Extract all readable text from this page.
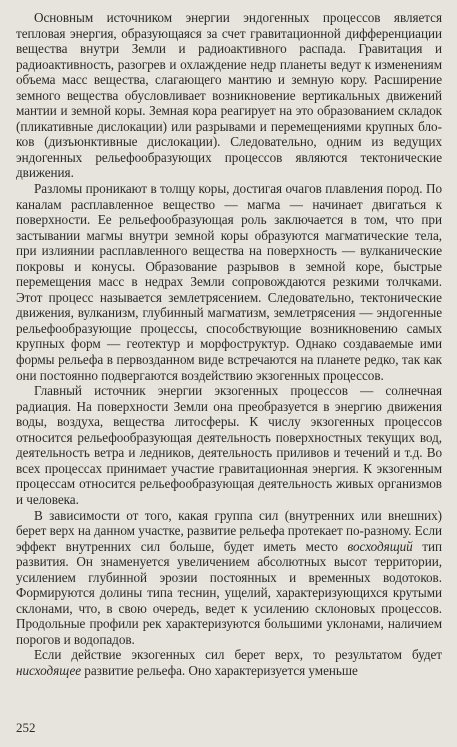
Основным источником энергии эндогенных процессов является тепловая энергия, образующаяся за счет гравитационной дифференциации вещества внутри Земли и радиоактивного распада. Гравитация и радиоактивность, разогрев и охлаждение недр планеты ведут к изменениям объема масс вещества, слагающего мантию и земную кору. Расширение земного вещества обусловливает возникновение вертикальных движений мантии и земной коры. Земная кора реагирует на это образованием складок (пликативные дислокации) или разрывами и перемещениями крупных блоков (дизъюнктивные дислокации). Следовательно, одним из ведущих эндогенных рельефообразующих процессов являются тектонические движения.

Разломы проникают в толщу коры, достигая очагов плавления пород. По каналам расплавленное вещество — магма — начинает двигаться к поверхности. Ее рельефообразующая роль заключается в том, что при застывании магмы внутри земной коры образуются магматические тела, при излиянии расплавленного вещества на поверхность — вулканические покровы и конусы. Образование разрывов в земной коре, быстрые перемещения масс в недрах Земли сопровождаются резкими толчками. Этот процесс называется землетрясением. Следовательно, тектонические движения, вулканизм, глубинный магматизм, землетрясения — эндогенные рельефообразующие процессы, способствующие возникновению самых крупных форм — геотектур и морфоструктур. Однако создаваемые ими формы рельефа в первозданном виде встречаются на планете редко, так как они постоянно подвергаются воздействию экзогенных процессов.

Главный источник энергии экзогенных процессов — солнечная радиация. На поверхности Земли она преобразуется в энергию движения воды, воздуха, вещества литосферы. К числу экзогенных процессов относится рельефообразующая деятельность поверхностных текущих вод, деятельность ветра и ледников, деятельность приливов и течений и т.д. Во всех процессах принимает участие гравитационная энергия. К экзогенным процессам относится рельефообразующая деятельность живых организмов и человека.

В зависимости от того, какая группа сил (внутренних или внешних) берет верх на данном участке, развитие рельефа протекает по-разному. Если эффект внутренних сил больше, будет иметь место восходящий тип развития. Он знаменуется увеличением абсолютных высот территории, усилением глубинной эрозии постоянных и временных водотоков. Формируются долины типа теснин, ущелий, характеризующихся крутыми склонами, что, в свою очередь, ведет к усилению склоновых процессов. Продольные профили рек характеризуются большими уклонами, наличием порогов и водопадов.

Если действие экзогенных сил берет верх, то результатом будет нисходящее развитие рельефа. Оно характеризуется уменьше

252
